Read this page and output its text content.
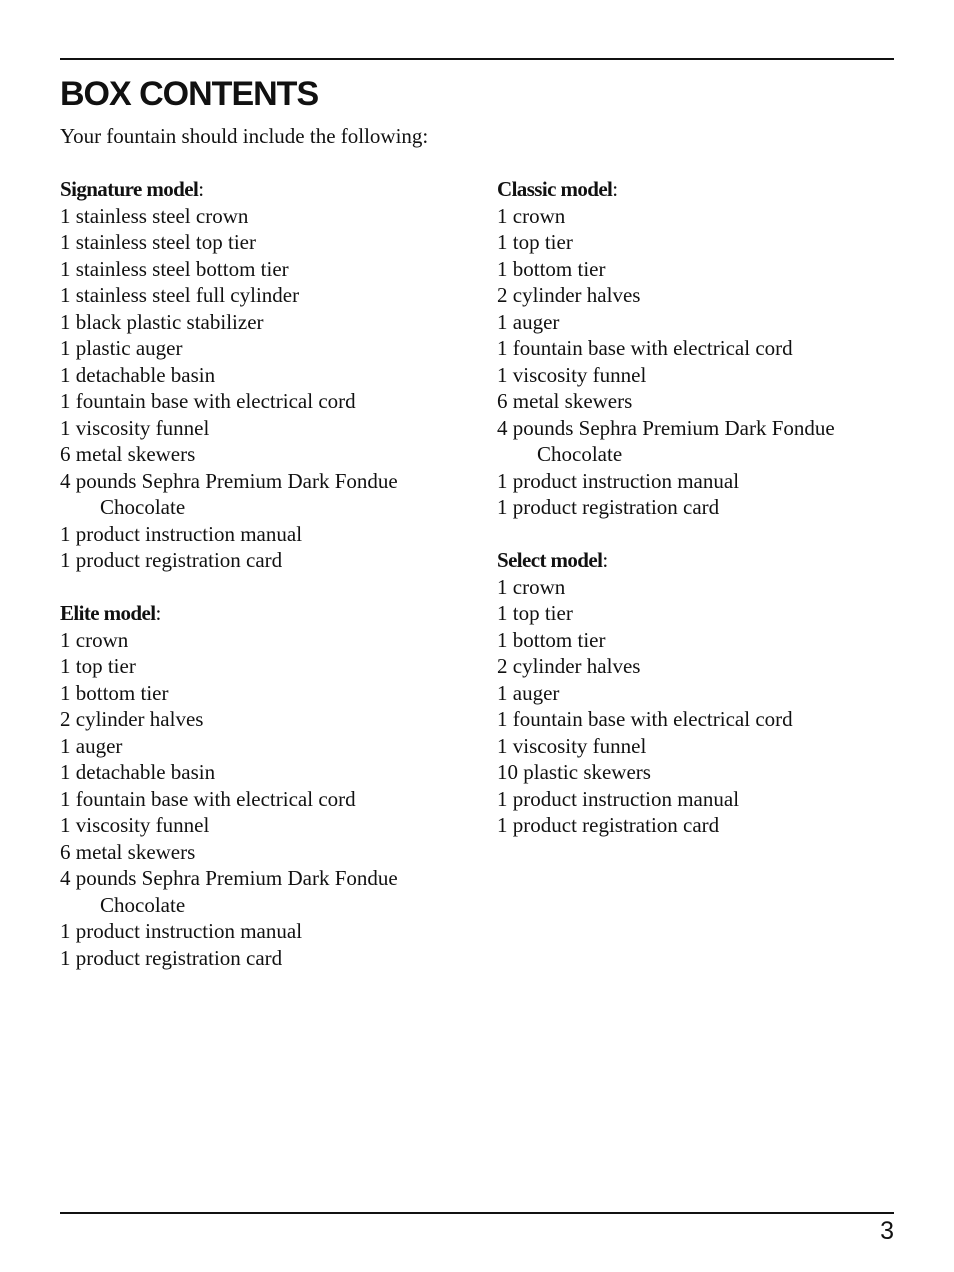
BOX CONTENTS
Your fountain should include the following:
Signature model:
1 stainless steel crown
1 stainless steel top tier
1 stainless steel bottom tier
1 stainless steel full cylinder
1 black plastic stabilizer
1 plastic auger
1 detachable basin
1 fountain base with electrical cord
1 viscosity funnel
6 metal skewers
4 pounds Sephra Premium Dark Fondue Chocolate
1 product instruction manual
1 product registration card
Elite model:
1 crown
1 top tier
1 bottom tier
2 cylinder halves
1 auger
1 detachable basin
1 fountain base with electrical cord
1 viscosity funnel
6 metal skewers
4 pounds Sephra Premium Dark Fondue Chocolate
1 product instruction manual
1 product registration card
Classic model:
1 crown
1 top tier
1 bottom tier
2 cylinder halves
1 auger
1 fountain base with electrical cord
1 viscosity funnel
6 metal skewers
4 pounds Sephra Premium Dark Fondue Chocolate
1 product instruction manual
1 product registration card
Select model:
1 crown
1 top tier
1 bottom tier
2 cylinder halves
1 auger
1 fountain base with electrical cord
1 viscosity funnel
10 plastic skewers
1 product instruction manual
1 product registration card
3
